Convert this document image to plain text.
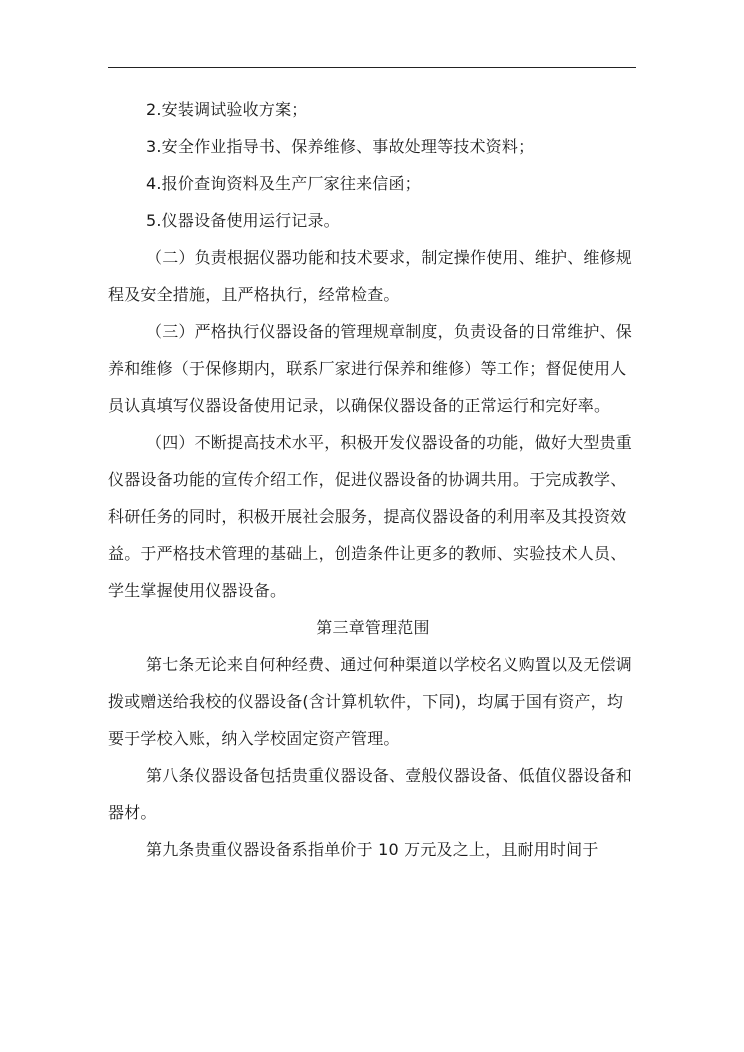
2.安装调试验收方案；

3.安全作业指导书、保养维修、事故处理等技术资料；

4.报价查询资料及生产厂家往来信函；

5.仪器设备使用运行记录。

（二）负责根据仪器功能和技术要求，制定操作使用、维护、维修规程及安全措施，且严格执行，经常检查。

（三）严格执行仪器设备的管理规章制度，负责设备的日常维护、保养和维修（于保修期内，联系厂家进行保养和维修）等工作；督促使用人员认真填写仪器设备使用记录，以确保仪器设备的正常运行和完好率。

（四）不断提高技术水平，积极开发仪器设备的功能，做好大型贵重仪器设备功能的宣传介绍工作，促进仪器设备的协调共用。于完成教学、科研任务的同时，积极开展社会服务，提高仪器设备的利用率及其投资效益。于严格技术管理的基础上，创造条件让更多的教师、实验技术人员、学生掌握使用仪器设备。

第三章管理范围

第七条无论来自何种经费、通过何种渠道以学校名义购置以及无偿调拨或赠送给我校的仪器设备(含计算机软件，下同)，均属于国有资产，均要于学校入账，纳入学校固定资产管理。

第八条仪器设备包括贵重仪器设备、壹般仪器设备、低值仪器设备和器材。

第九条贵重仪器设备系指单价于 10 万元及之上，且耐用时间于
